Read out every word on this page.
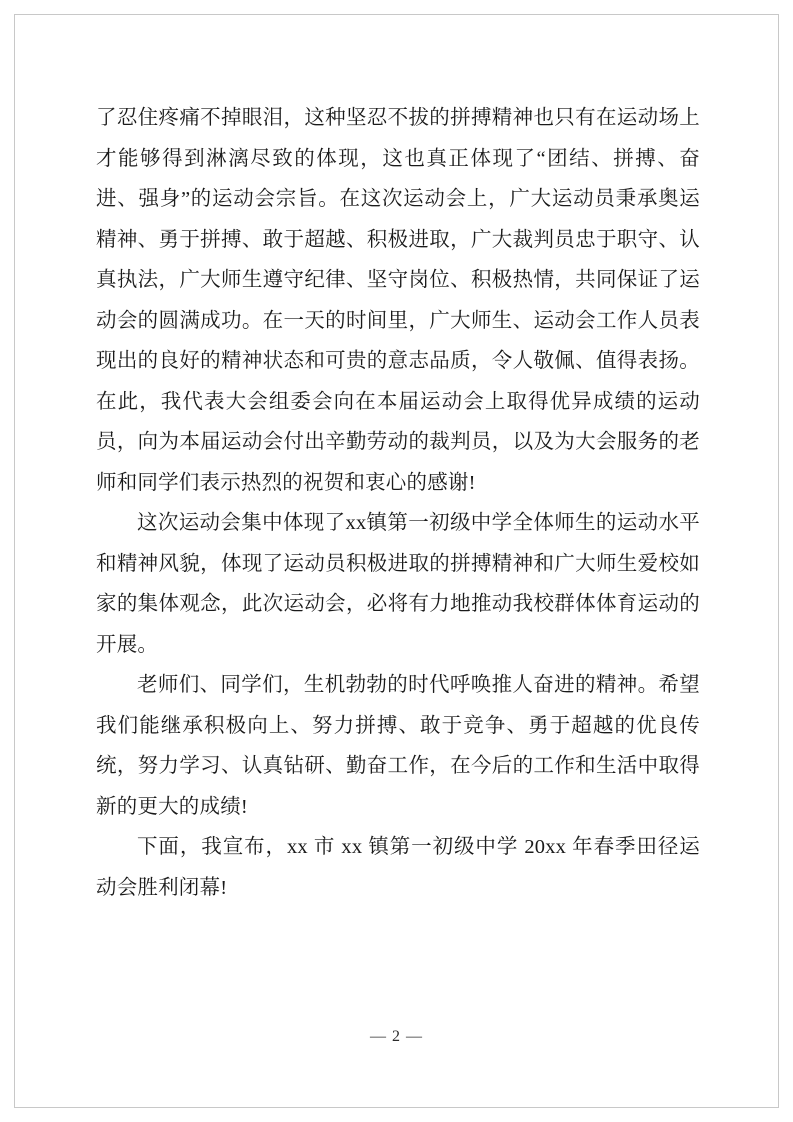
了忍住疼痛不掉眼泪，这种坚忍不拔的拼搏精神也只有在运动场上才能够得到淋漓尽致的体现，这也真正体现了“团结、拼搏、奋进、强身”的运动会宗旨。在这次运动会上，广大运动员秉承奥运精神、勇于拼搏、敢于超越、积极进取，广大裁判员忠于职守、认真执法，广大师生遵守纪律、坚守岗位、积极热情，共同保证了运动会的圆满成功。在一天的时间里，广大师生、运动会工作人员表现出的良好的精神状态和可贵的意志品质，令人敬佩、值得表扬。在此，我代表大会组委会向在本届运动会上取得优异成绩的运动员，向为本届运动会付出辛勤劳动的裁判员，以及为大会服务的老师和同学们表示热烈的祝贺和衷心的感谢!

这次运动会集中体现了xx镇第一初级中学全体师生的运动水平和精神风貌，体现了运动员积极进取的拼搏精神和广大师生爱校如家的集体观念，此次运动会，必将有力地推动我校群体体育运动的开展。

老师们、同学们，生机勃勃的时代呼唤推人奋进的精神。希望我们能继承积极向上、努力拼搏、敢于竞争、勇于超越的优良传统，努力学习、认真钻研、勤奋工作，在今后的工作和生活中取得新的更大的成绩!

下面，我宣布，xx 市 xx 镇第一初级中学 20xx 年春季田径运动会胜利闭幕!

— 2 —
